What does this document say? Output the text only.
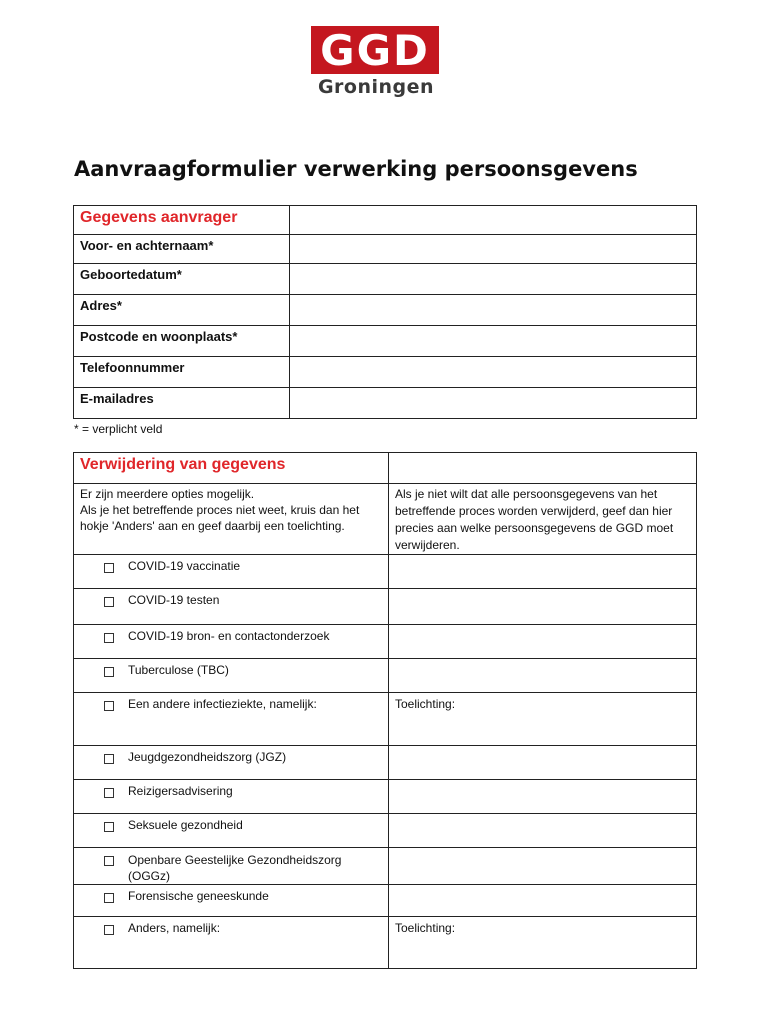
GGD
Groningen
Aanvraagformulier verwerking persoonsgevens
Gegevens aanvrager	
Voor- en achternaam*	
Geboortedatum*	
Adres*	
Postcode en woonplaats*	
Telefoonnummer	
E-mailadres	
* = verplicht veld
Verwijdering van gegevens	

Er zijn meerdere opties mogelijk.
Als je het betreffende proces niet weet, kruis dan het hokje 'Anders' aan en geef daarbij een toelichting.	Als je niet wilt dat alle persoonsgegevens van het betreffende proces worden verwijderd, geef dan hier precies aan welke persoonsgegevens de GGD moet verwijderen.

COVID-19 vaccinatie	

COVID-19 testen	

COVID-19 bron- en contactonderzoek	

Tuberculose (TBC)	

Een andere infectieziekte, namelijk:	Toelichting:

Jeugdgezondheidszorg (JGZ)	

Reizigersadvisering	

Seksuele gezondheid	

Openbare Geestelijke Gezondheidszorg (OGGz)	

Forensische geneeskunde	

Anders, namelijk:	Toelichting:
